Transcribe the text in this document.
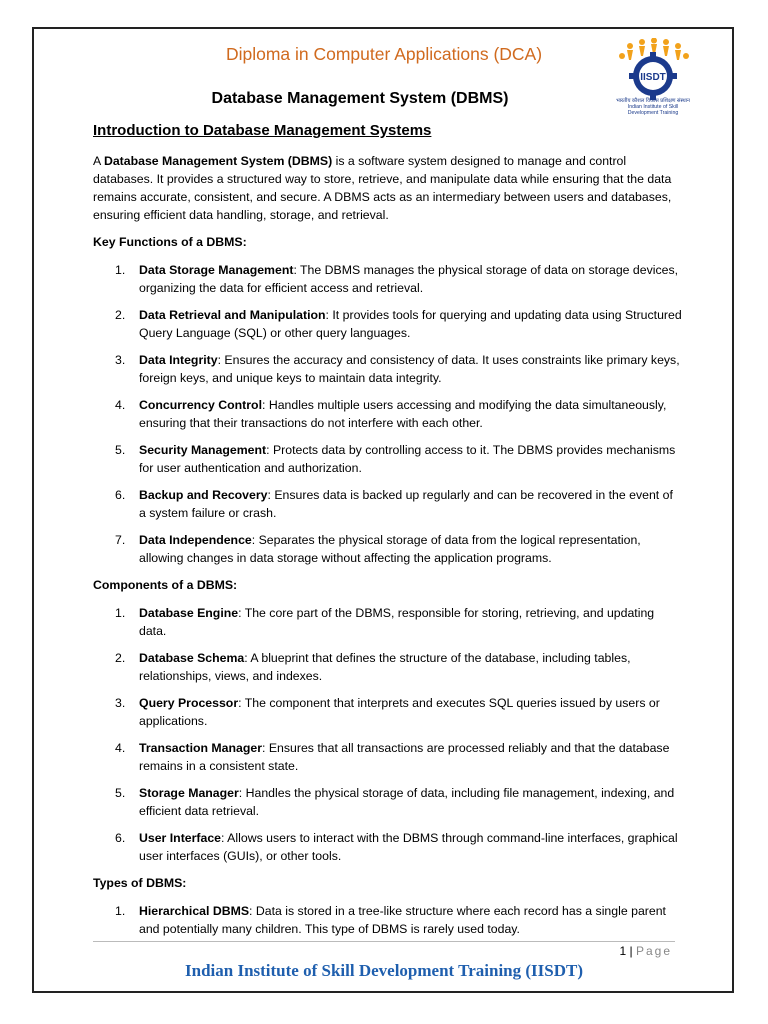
Diploma in Computer Applications (DCA)
IISDT
भारतीय कौशल विकास प्रशिक्षण संस्थान
Indian Institute of Skill Development Training
Database Management System (DBMS)
Introduction to Database Management Systems

A Database Management System (DBMS) is a software system designed to manage and control databases. It provides a structured way to store, retrieve, and manipulate data while ensuring that the data remains accurate, consistent, and secure. A DBMS acts as an intermediary between users and databases, ensuring efficient data handling, storage, and retrieval.

Key Functions of a DBMS:
1. Data Storage Management: The DBMS manages the physical storage of data on storage devices, organizing the data for efficient access and retrieval.
2. Data Retrieval and Manipulation: It provides tools for querying and updating data using Structured Query Language (SQL) or other query languages.
3. Data Integrity: Ensures the accuracy and consistency of data. It uses constraints like primary keys, foreign keys, and unique keys to maintain data integrity.
4. Concurrency Control: Handles multiple users accessing and modifying the data simultaneously, ensuring that their transactions do not interfere with each other.
5. Security Management: Protects data by controlling access to it. The DBMS provides mechanisms for user authentication and authorization.
6. Backup and Recovery: Ensures data is backed up regularly and can be recovered in the event of a system failure or crash.
7. Data Independence: Separates the physical storage of data from the logical representation, allowing changes in data storage without affecting the application programs.
Components of a DBMS:
1. Database Engine: The core part of the DBMS, responsible for storing, retrieving, and updating data.
2. Database Schema: A blueprint that defines the structure of the database, including tables, relationships, views, and indexes.
3. Query Processor: The component that interprets and executes SQL queries issued by users or applications.
4. Transaction Manager: Ensures that all transactions are processed reliably and that the database remains in a consistent state.
5. Storage Manager: Handles the physical storage of data, including file management, indexing, and efficient data retrieval.
6. User Interface: Allows users to interact with the DBMS through command-line interfaces, graphical user interfaces (GUIs), or other tools.
Types of DBMS:
1. Hierarchical DBMS: Data is stored in a tree-like structure where each record has a single parent and potentially many children. This type of DBMS is rarely used today.
1 | Page
Indian Institute of Skill Development Training (IISDT)
